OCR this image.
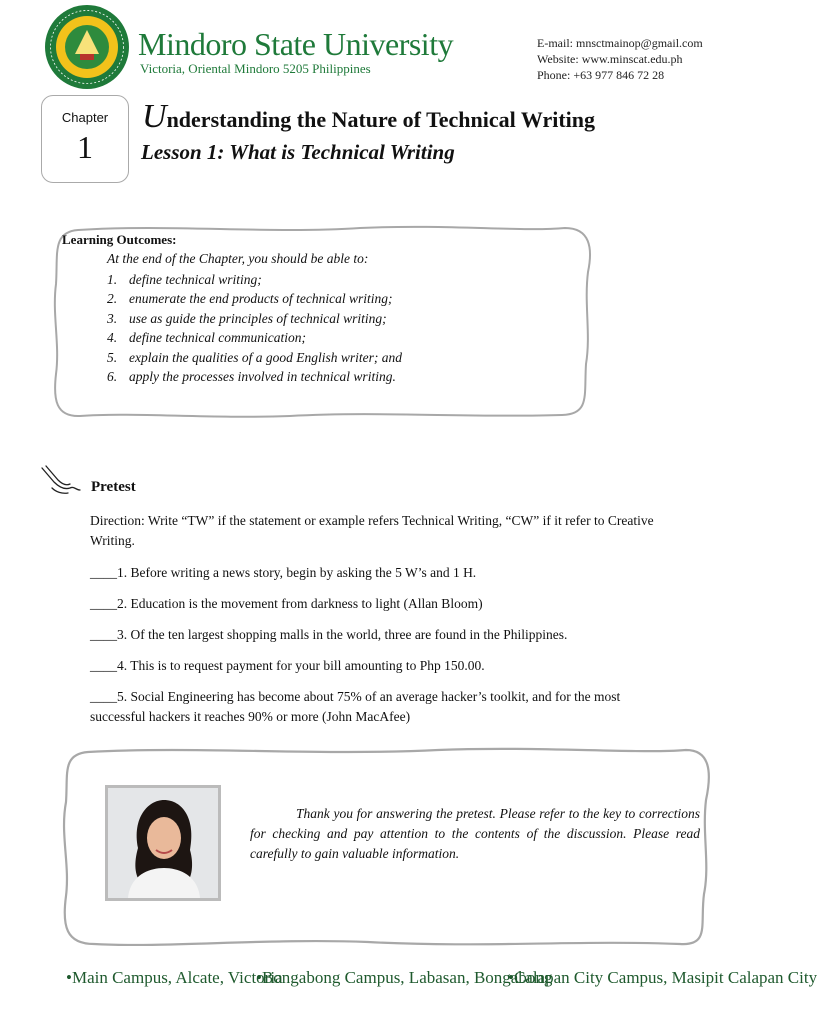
Mindoro State University
Victoria, Oriental Mindoro 5205 Philippines
E-mail: mnsctmainop@gmail.com
Website: www.minscat.edu.ph
Phone: +63 977 846 72 28
Chapter
1
Understanding the Nature of Technical Writing
Lesson 1: What is Technical Writing
Learning Outcomes:
At the end of the Chapter, you should be able to:
1. define technical writing;
2. enumerate the end products of technical writing;
3. use as guide the principles of technical writing;
4. define technical communication;
5. explain the qualities of a good English writer; and
6. apply the processes involved in technical writing.
Pretest
Direction: Write “TW” if the statement or example refers Technical Writing, “CW” if it refer to Creative Writing.
____1. Before writing a news story, begin by asking the 5 W’s and 1 H.
____2. Education is the movement from darkness to light (Allan Bloom)
____3. Of the ten largest shopping malls in the world, three are found in the Philippines.
____4. This is to request payment for your bill amounting to Php 150.00.
____5. Social Engineering has become about 75% of an average hacker’s toolkit, and for the most successful hackers it reaches 90% or more (John MacAfee)
Thank you for answering the pretest. Please refer to the key to corrections for checking and pay attention to the contents of the discussion. Please read carefully to gain valuable information.
•Main Campus, Alcate, Victoria
•Bongabong Campus, Labasan, Bongabong
•Calapan City Campus, Masipit Calapan City
